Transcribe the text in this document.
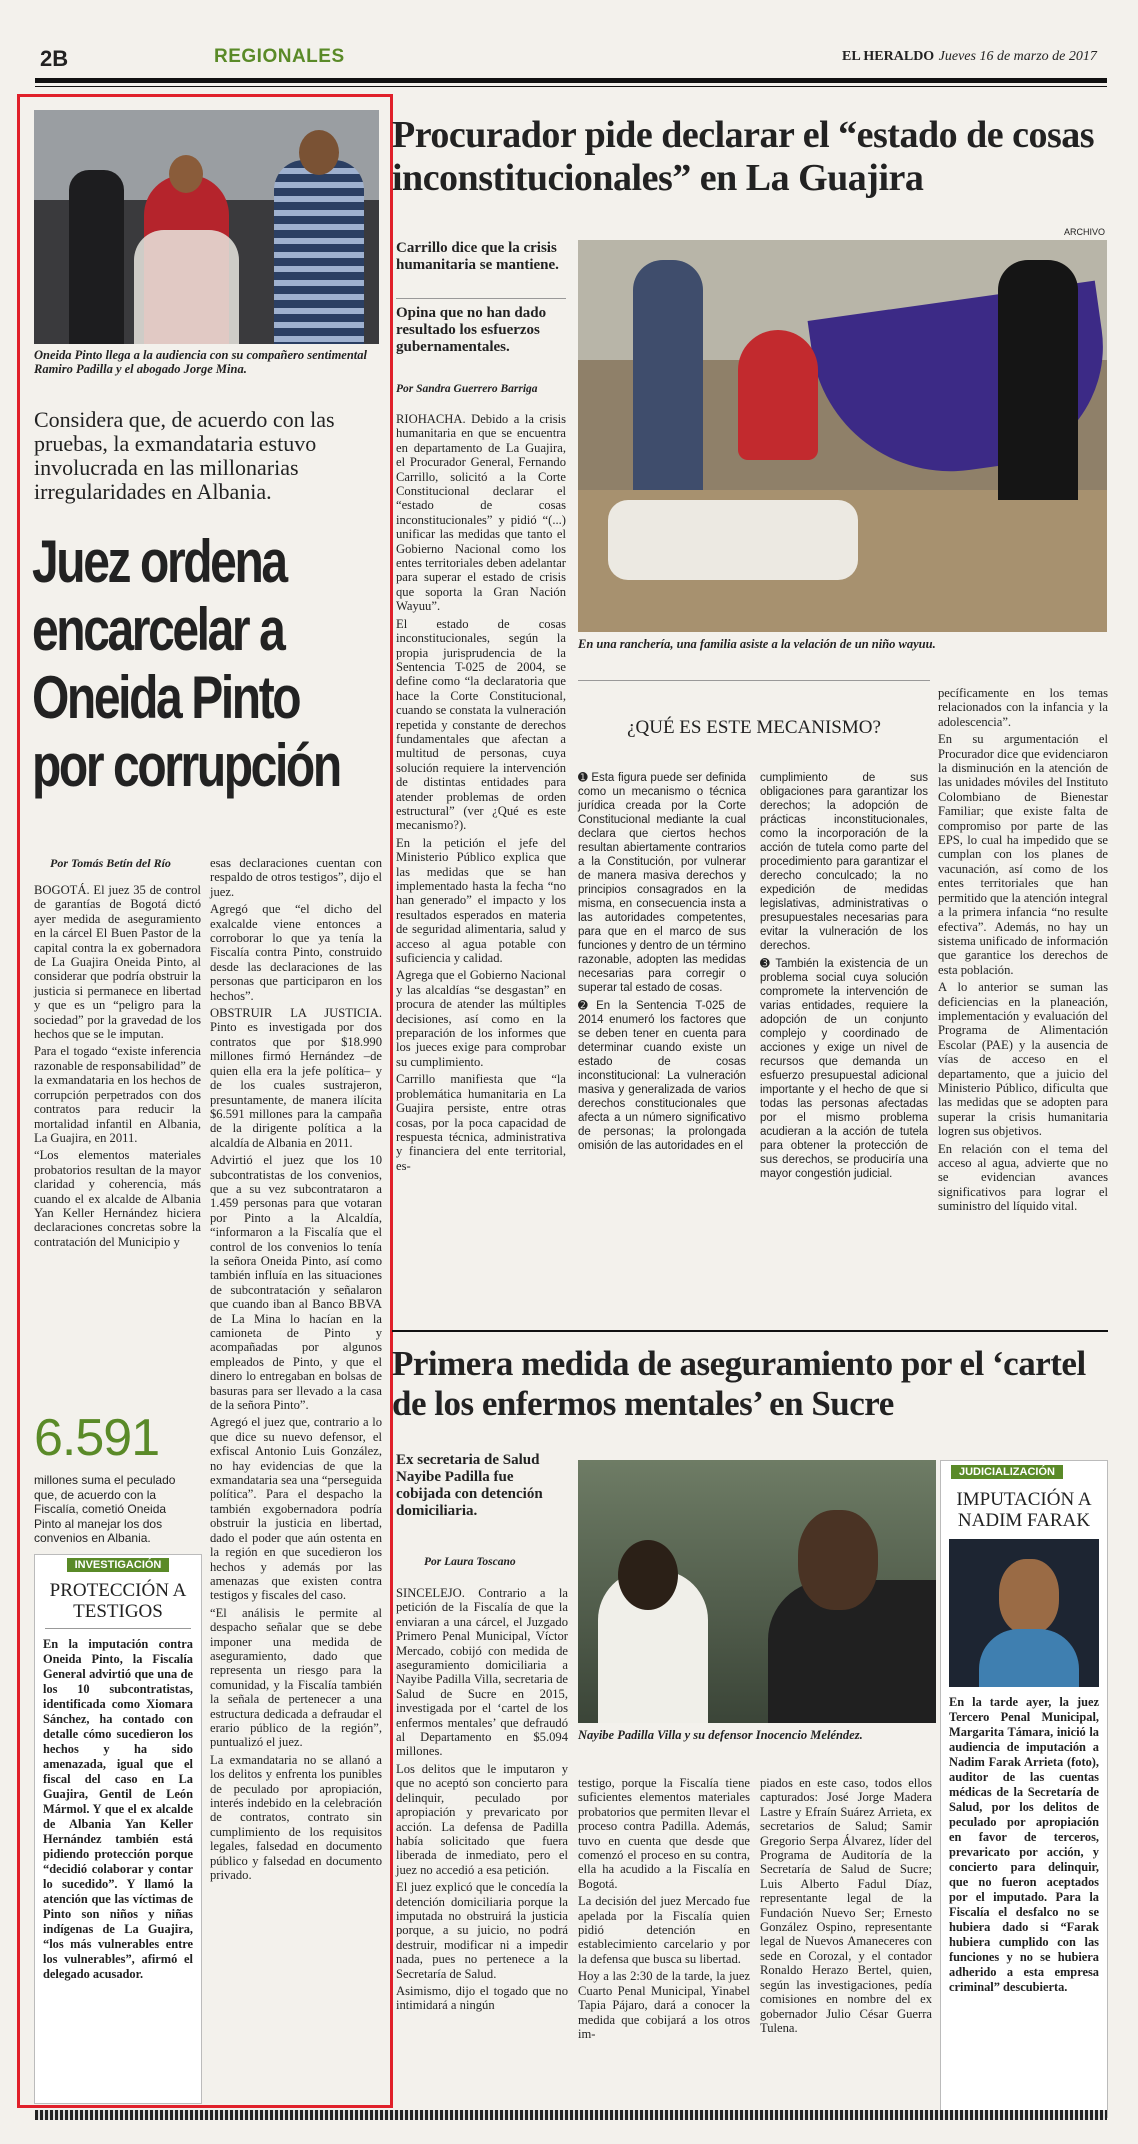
2B	REGIONALES	EL HERALDO Jueves 16 de marzo de 2017
Oneida Pinto llega a la audiencia con su compañero sentimental Ramiro Padilla y el abogado Jorge Mina.
Considera que, de acuerdo con las pruebas, la exmandataria estuvo involucrada en las millonarias irregularidades en Albania.
Juez ordena encarcelar a Oneida Pinto por corrupción
Por Tomás Betín del Río

BOGOTÁ. El juez 35 de control de garantías de Bogotá dictó ayer medida de aseguramiento en la cárcel El Buen Pastor de la capital contra la ex gobernadora de La Guajira Oneida Pinto, al considerar que podría obstruir la justicia si permanece en libertad y que es un “peligro para la sociedad” por la gravedad de los hechos que se le imputan.

Para el togado “existe inferencia razonable de responsabilidad” de la exmandataria en los hechos de corrupción perpetrados con dos contratos para reducir la mortalidad infantil en Albania, La Guajira, en 2011.

“Los elementos materiales probatorios resultan de la mayor claridad y coherencia, más cuando el ex alcalde de Albania Yan Keller Hernández hiciera declaraciones concretas sobre la contratación del Municipio y

6.591
millones suma el peculado que, de acuerdo con la Fiscalía, cometió Oneida Pinto al manejar los dos convenios en Albania.
INVESTIGACIÓN
PROTECCIÓN A TESTIGOS
En la imputación contra Oneida Pinto, la Fiscalía General advirtió que una de los 10 subcontratistas, identificada como Xiomara Sánchez, ha contado con detalle cómo sucedieron los hechos y ha sido amenazada, igual que el fiscal del caso en La Guajira, Gentil de León Mármol. Y que el ex alcalde de Albania Yan Keller Hernández también está pidiendo protección porque “decidió colaborar y contar lo sucedido”. Y llamó la atención que las víctimas de Pinto son niños y niñas indígenas de La Guajira, “los más vulnerables entre los vulnerables”, afirmó el delegado acusador.

esas declaraciones cuentan con respaldo de otros testigos”, dijo el juez.

Agregó que “el dicho del exalcalde viene entonces a corroborar lo que ya tenía la Fiscalía contra Pinto, construido desde las declaraciones de las personas que participaron en los hechos”.

OBSTRUIR LA JUSTICIA. Pinto es investigada por dos contratos que por $18.990 millones firmó Hernández –de quien ella era la jefe política– y de los cuales sustrajeron, presuntamente, de manera ilícita $6.591 millones para la campaña de la dirigente política a la alcaldía de Albania en 2011.

Advirtió el juez que los 10 subcontratistas de los convenios, que a su vez subcontrataron a 1.459 personas para que votaran por Pinto a la Alcaldía, “informaron a la Fiscalía que el control de los convenios lo tenía la señora Oneida Pinto, así como también influía en las situaciones de subcontratación y señalaron que cuando iban al Banco BBVA de La Mina lo hacían en la camioneta de Pinto y acompañadas por algunos empleados de Pinto, y que el dinero lo entregaban en bolsas de basuras para ser llevado a la casa de la señora Pinto”.

Agregó el juez que, contrario a lo que dice su nuevo defensor, el exfiscal Antonio Luis González, no hay evidencias de que la exmandataria sea una “perseguida política”. Para el despacho la también exgobernadora podría obstruir la justicia en libertad, dado el poder que aún ostenta en la región en que sucedieron los hechos y además por las amenazas que existen contra testigos y fiscales del caso.

“El análisis le permite al despacho señalar que se debe imponer una medida de aseguramiento, dado que representa un riesgo para la comunidad, y la Fiscalía también la señala de pertenecer a una estructura dedicada a defraudar el erario público de la región”, puntualizó el juez.

La exmandataria no se allanó a los delitos y enfrenta los punibles de peculado por apropiación, interés indebido en la celebración de contratos, contrato sin cumplimiento de los requisitos legales, falsedad en documento público y falsedad en documento privado.

Procurador pide declarar el “estado de cosas inconstitucionales” en La Guajira
ARCHIVO
Carrillo dice que la crisis humanitaria se mantiene.
Opina que no han dado resultado los esfuerzos gubernamentales.
Por Sandra Guerrero Barriga
En una ranchería, una familia asiste a la velación de un niño wayuu.

RIOHACHA. Debido a la crisis humanitaria en que se encuentra en departamento de La Guajira, el Procurador General, Fernando Carrillo, solicitó a la Corte Constitucional declarar el “estado de cosas inconstitucionales” y pidió “(...) unificar las medidas que tanto el Gobierno Nacional como los entes territoriales deben adelantar para superar el estado de crisis que soporta la Gran Nación Wayuu”.

El estado de cosas inconstitucionales, según la propia jurisprudencia de la Sentencia T-025 de 2004, se define como “la declaratoria que hace la Corte Constitucional, cuando se constata la vulneración repetida y constante de derechos fundamentales que afectan a multitud de personas, cuya solución requiere la intervención de distintas entidades para atender problemas de orden estructural” (ver ¿Qué es este mecanismo?).

En la petición el jefe del Ministerio Público explica que las medidas que se han implementado hasta la fecha “no han generado” el impacto y los resultados esperados en materia de seguridad alimentaria, salud y acceso al agua potable con suficiencia y calidad.

Agrega que el Gobierno Nacional y las alcaldías “se desgastan” en procura de atender las múltiples decisiones, así como en la preparación de los informes que los jueces exige para comprobar su cumplimiento.

Carrillo manifiesta que “la problemática humanitaria en La Guajira persiste, entre otras cosas, por la poca capacidad de respuesta técnica, administrativa y financiera del ente territorial, es-

¿QUÉ ES ESTE MECANISMO?

➊ Esta figura puede ser definida como un mecanismo o técnica jurídica creada por la Corte Constitucional mediante la cual declara que ciertos hechos resultan abiertamente contrarios a la Constitución, por vulnerar de manera masiva derechos y principios consagrados en la misma, en consecuencia insta a las autoridades competentes, para que en el marco de sus funciones y dentro de un término razonable, adopten las medidas necesarias para corregir o superar tal estado de cosas.

➋ En la Sentencia T-025 de 2014 enumeró los factores que se deben tener en cuenta para determinar cuando existe un estado de cosas inconstitucional: La vulneración masiva y generalizada de varios derechos constitucionales que afecta a un número significativo de personas; la prolongada omisión de las autoridades en el

cumplimiento de sus obligaciones para garantizar los derechos; la adopción de prácticas inconstitucionales, como la incorporación de la acción de tutela como parte del procedimiento para garantizar el derecho conculcado; la no expedición de medidas legislativas, administrativas o presupuestales necesarias para evitar la vulneración de los derechos.

➌ También la existencia de un problema social cuya solución compromete la intervención de varias entidades, requiere la adopción de un conjunto complejo y coordinado de acciones y exige un nivel de recursos que demanda un esfuerzo presupuestal adicional importante y el hecho de que si todas las personas afectadas por el mismo problema acudieran a la acción de tutela para obtener la protección de sus derechos, se produciría una mayor congestión judicial.

pecíficamente en los temas relacionados con la infancia y la adolescencia”.

En su argumentación el Procurador dice que evidenciaron la disminución en la atención de las unidades móviles del Instituto Colombiano de Bienestar Familiar; que existe falta de compromiso por parte de las EPS, lo cual ha impedido que se cumplan con los planes de vacunación, así como de los entes territoriales que han permitido que la atención integral a la primera infancia “no resulte efectiva”. Además, no hay un sistema unificado de información que garantice los derechos de esta población.

A lo anterior se suman las deficiencias en la planeación, implementación y evaluación del Programa de Alimentación Escolar (PAE) y la ausencia de vías de acceso en el departamento, que a juicio del Ministerio Público, dificulta que las medidas que se adopten para superar la crisis humanitaria logren sus objetivos.

En relación con el tema del acceso al agua, advierte que no se evidencian avances significativos para lograr el suministro del líquido vital.

Primera medida de aseguramiento por el ‘cartel de los enfermos mentales’ en Sucre
Ex secretaria de Salud Nayibe Padilla fue cobijada con detención domiciliaria.
Por Laura Toscano
Nayibe Padilla Villa y su defensor Inocencio Meléndez.

SINCELEJO. Contrario a la petición de la Fiscalía de que la enviaran a una cárcel, el Juzgado Primero Penal Municipal, Víctor Mercado, cobijó con medida de aseguramiento domiciliaria a Nayibe Padilla Villa, secretaria de Salud de Sucre en 2015, investigada por el ‘cartel de los enfermos mentales’ que defraudó al Departamento en $5.094 millones.

Los delitos que le imputaron y que no aceptó son concierto para delinquir, peculado por apropiación y prevaricato por acción. La defensa de Padilla había solicitado que fuera liberada de inmediato, pero el juez no accedió a esa petición.

El juez explicó que le concedía la detención domiciliaria porque la imputada no obstruirá la justicia porque, a su juicio, no podrá destruir, modificar ni a impedir nada, pues no pertenece a la Secretaría de Salud.

Asimismo, dijo el togado que no intimidará a ningún

testigo, porque la Fiscalía tiene suficientes elementos materiales probatorios que permiten llevar el proceso contra Padilla. Además, tuvo en cuenta que desde que comenzó el proceso en su contra, ella ha acudido a la Fiscalía en Bogotá.

La decisión del juez Mercado fue apelada por la Fiscalía quien pidió detención en establecimiento carcelario y por la defensa que busca su libertad.

Hoy a las 2:30 de la tarde, la juez Cuarto Penal Municipal, Yinabel Tapia Pájaro, dará a conocer la medida que cobijará a los otros im-

piados en este caso, todos ellos capturados: José Jorge Madera Lastre y Efraín Suárez Arrieta, ex secretarios de Salud; Samir Gregorio Serpa Álvarez, líder del Programa de Auditoría de la Secretaría de Salud de Sucre; Luis Alberto Fadul Díaz, representante legal de la Fundación Nuevo Ser; Ernesto González Ospino, representante legal de Nuevos Amaneceres con sede en Corozal, y el contador Ronaldo Herazo Bertel, quien, según las investigaciones, pedía comisiones en nombre del ex gobernador Julio César Guerra Tulena.

JUDICIALIZACIÓN
IMPUTACIÓN A NADIM FARAK
En la tarde ayer, la juez Tercero Penal Municipal, Margarita Támara, inició la audiencia de imputación a Nadim Farak Arrieta (foto), auditor de las cuentas médicas de la Secretaría de Salud, por los delitos de peculado por apropiación en favor de terceros, prevaricato por acción, y concierto para delinquir, que no fueron aceptados por el imputado. Para la Fiscalía el desfalco no se hubiera dado si “Farak hubiera cumplido con las funciones y no se hubiera adherido a esta empresa criminal” descubierta.
